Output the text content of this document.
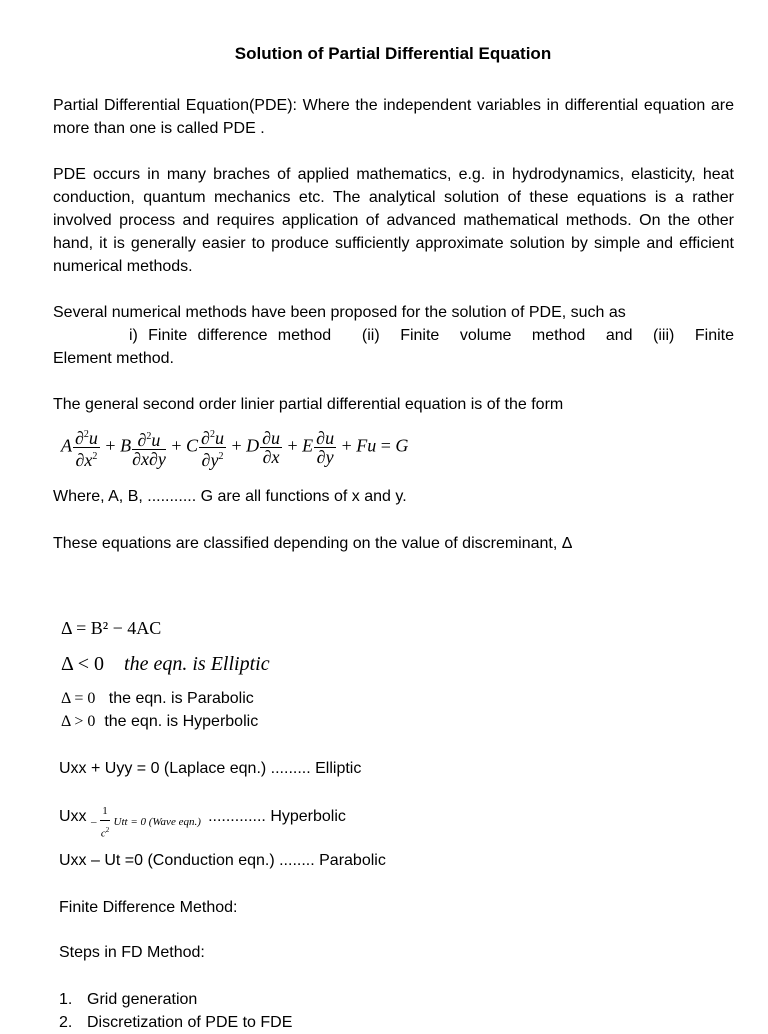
Solution of Partial Differential Equation

Partial Differential Equation(PDE): Where the independent variables in differential equation are more than one is called PDE .

PDE occurs in many braches of applied mathematics, e.g. in hydrodynamics, elasticity, heat conduction, quantum mechanics etc. The analytical solution of these equations is a rather involved process and requires application of advanced mathematical methods. On the other hand, it is generally easier to produce sufficiently approximate solution by simple and efficient numerical methods.

Several numerical methods have been proposed for the solution of PDE, such as
i) Finite difference method   (ii)  Finite  volume  method  and  (iii)  Finite
Element method.
The general second order linier partial differential equation is of the form
A $\frac{\partial^2u}{\partial x^2} + B \frac{\partial^2u}{\partial x\partial y} + C \frac{\partial^2u}{\partial y^2} + D \frac{\partial u}{\partial x} + E \frac{\partial u}{\partial y} + Fu = G$
Where, A, B, ........... G are all functions of x and y.
These equations are classified depending on the value of discreminant, Δ
Δ = B² − 4AC
Δ < 0 the eqn. is Elliptic
Δ = 0 the eqn. is Parabolic
Δ > 0 the eqn. is Hyperbolic
Uxx + Uyy = 0 (Laplace eqn.) ......... Elliptic
Uxx $_{- \frac{1}{c^2} Utt = 0 (Wave eqn.)}$ ............. Hyperbolic
Uxx – Ut =0 (Conduction eqn.) ........ Parabolic
Finite Difference Method:
Steps in FD Method:
1. Grid generation
2. Discretization of PDE to FDE
